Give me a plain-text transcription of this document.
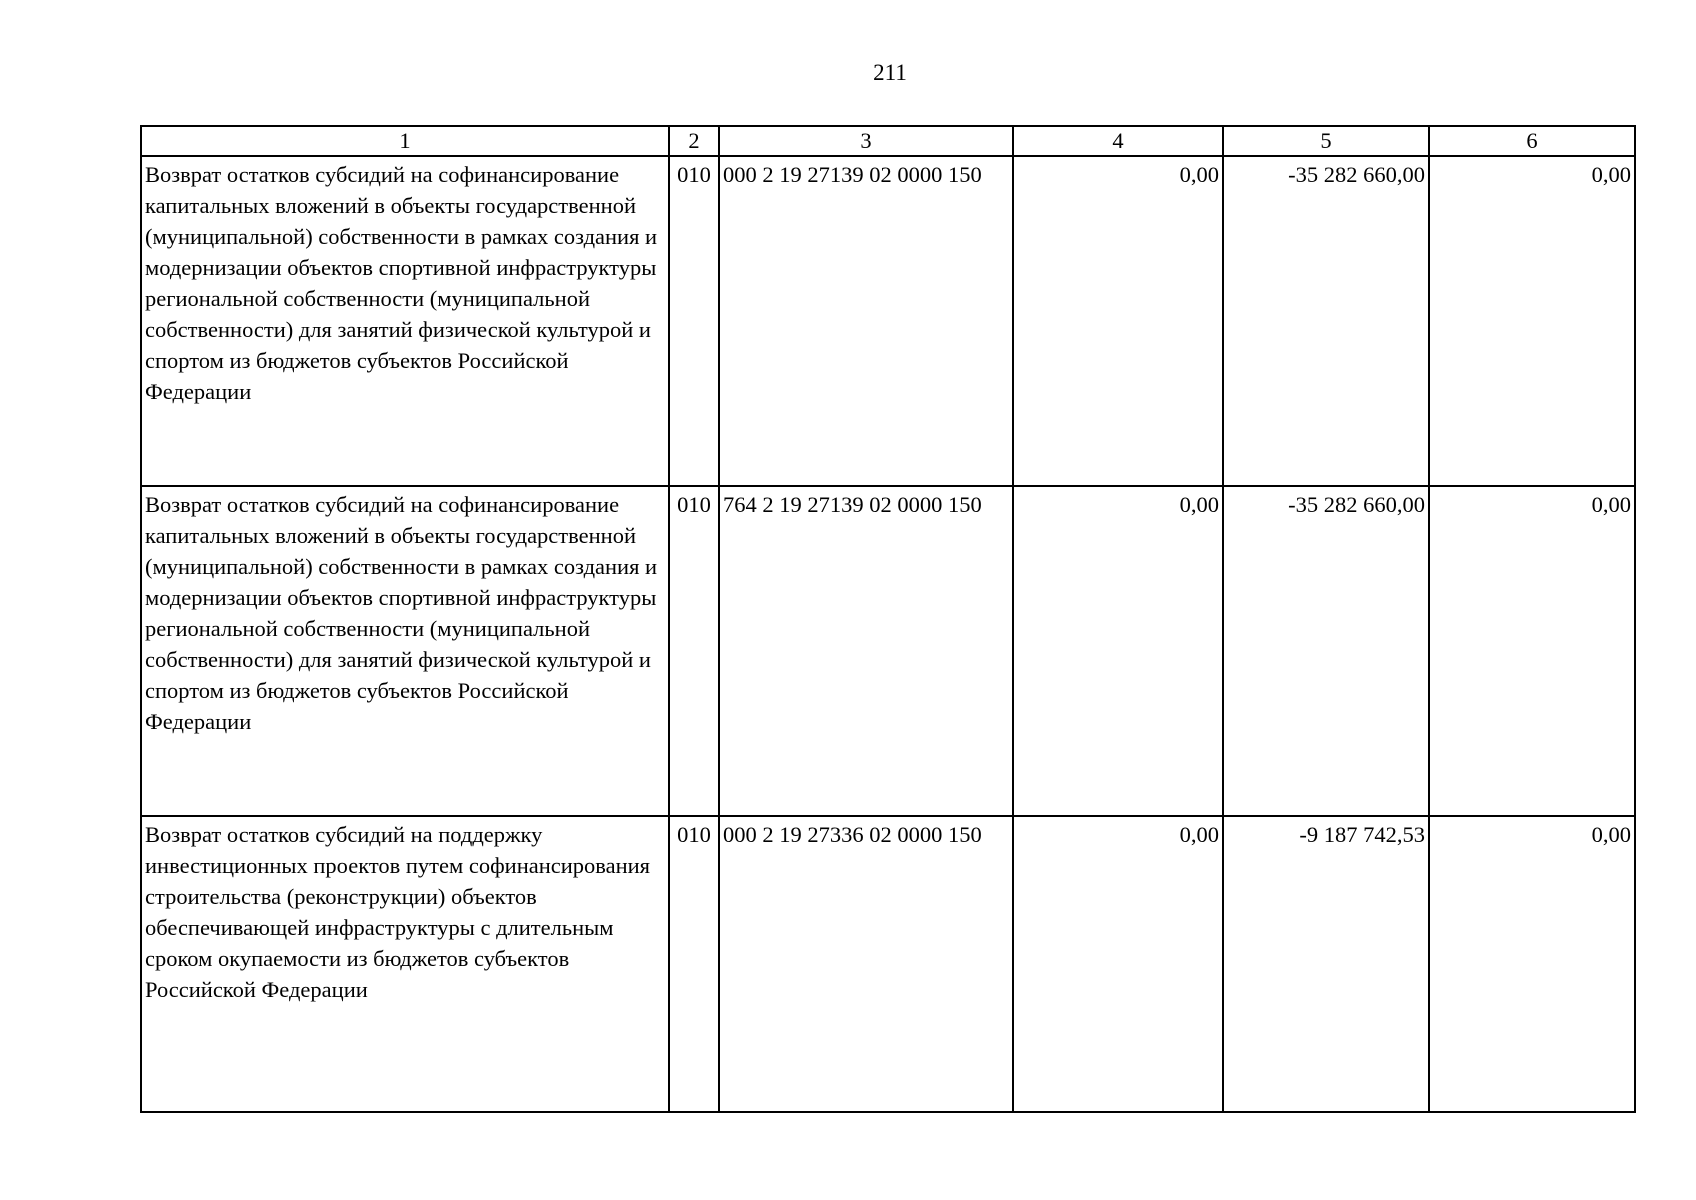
211
1	2	3	4	5	6
Возврат остатков субсидий на софинансирование капитальных вложений в объекты государственной (муниципальной) собственности в рамках создания и модернизации объектов спортивной инфраструктуры региональной собственности (муниципальной собственности) для занятий физической культурой и спортом из бюджетов субъектов Российской Федерации	010	000 2 19 27139 02 0000 150	0,00	-35 282 660,00	0,00
Возврат остатков субсидий на софинансирование капитальных вложений в объекты государственной (муниципальной) собственности в рамках создания и модернизации объектов спортивной инфраструктуры региональной собственности (муниципальной собственности) для занятий физической культурой и спортом из бюджетов субъектов Российской Федерации	010	764 2 19 27139 02 0000 150	0,00	-35 282 660,00	0,00
Возврат остатков субсидий на поддержку инвестиционных проектов путем софинансирования строительства (реконструкции) объектов обеспечивающей инфраструктуры с длительным сроком окупаемости из бюджетов субъектов Российской Федерации	010	000 2 19 27336 02 0000 150	0,00	-9 187 742,53	0,00
